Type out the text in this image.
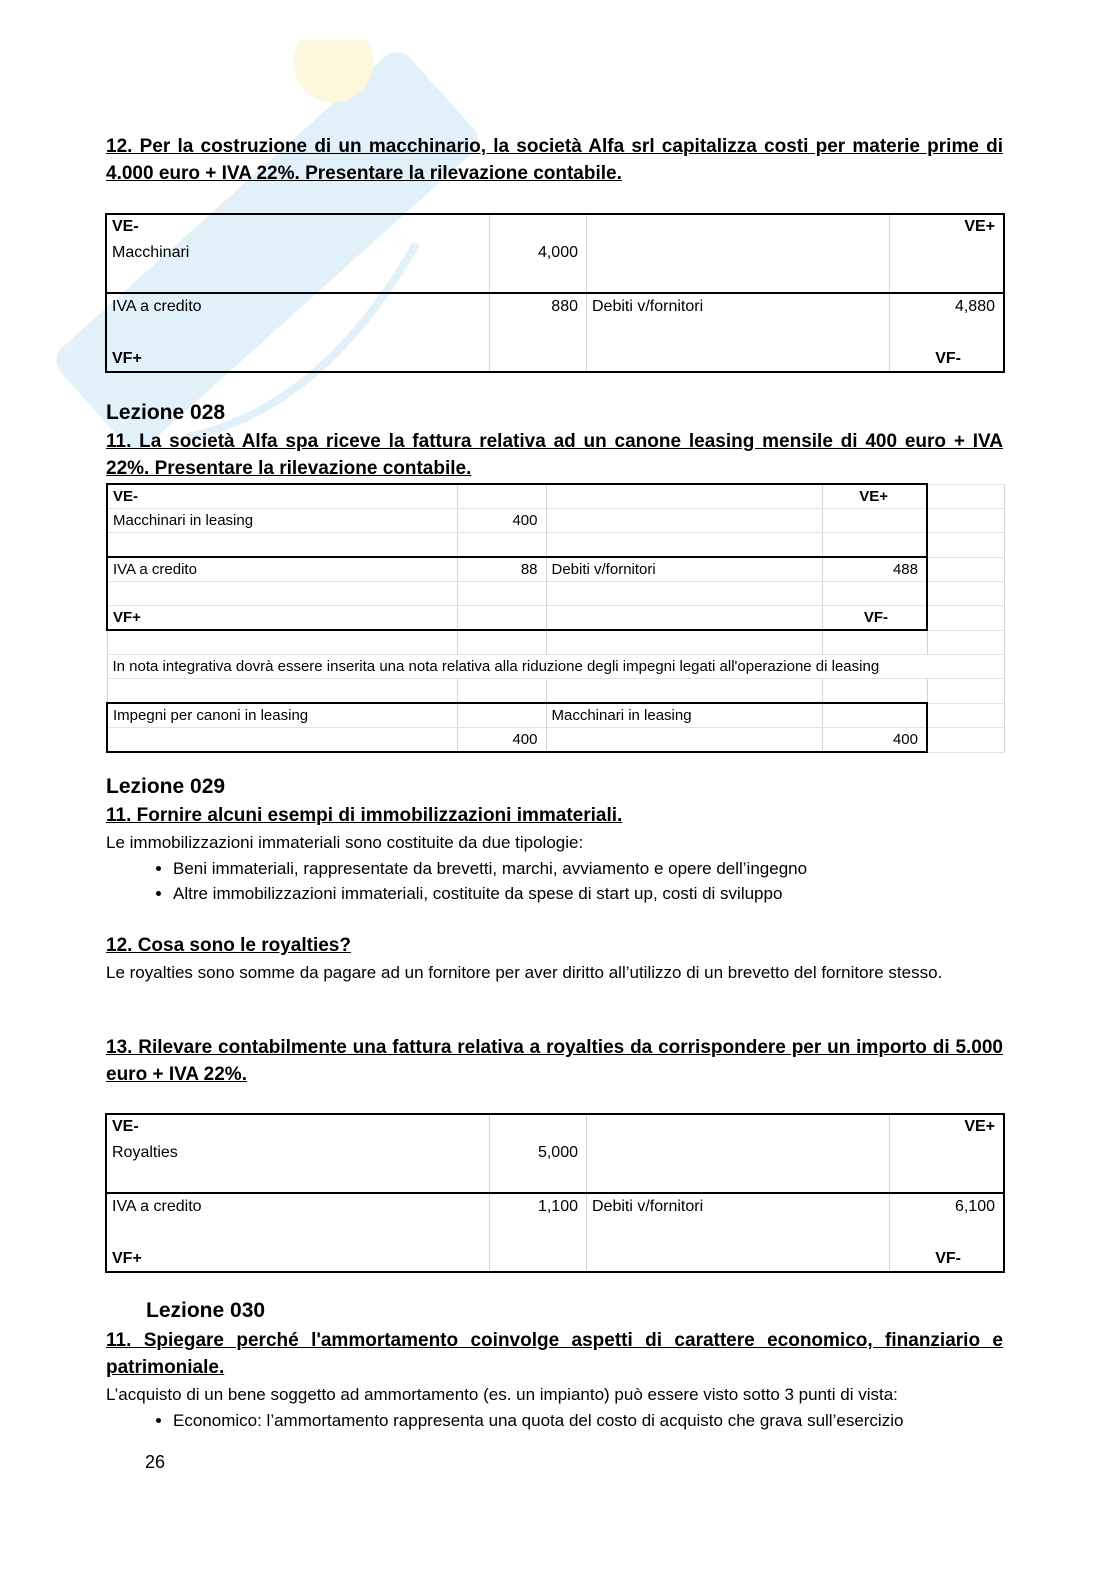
12. Per la costruzione di un macchinario, la società Alfa srl capitalizza costi per materie prime di 4.000 euro + IVA 22%. Presentare la rilevazione contabile.

VE-			VE+
Macchinari	4,000		

IVA a credito	880	Debiti v/fornitori	4,880

VF+			VF-

Lezione 028

11. La società Alfa spa riceve la fattura relativa ad un canone leasing mensile di 400 euro + IVA 22%. Presentare la rilevazione contabile.

VE-			VE+	
Macchinari in leasing	400			

IVA a credito	88	Debiti v/fornitori	488	

VF+			VF-	

In nota integrativa dovrà essere inserita una nota relativa alla riduzione degli impegni legati all'operazione di leasing				

Impegni per canoni in leasing		Macchinari in leasing		
	400		400	

Lezione 029

11. Fornire alcuni esempi di immobilizzazioni immateriali.

Le immobilizzazioni immateriali sono costituite da due tipologie:

• Beni immateriali, rappresentate da brevetti, marchi, avviamento e opere dell’ingegno
• Altre immobilizzazioni immateriali, costituite da spese di start up, costi di sviluppo

12. Cosa sono le royalties?

Le royalties sono somme da pagare ad un fornitore per aver diritto all’utilizzo di un brevetto del fornitore stesso.

13. Rilevare contabilmente una fattura relativa a royalties da corrispondere per un importo di 5.000 euro + IVA 22%.

VE-			VE+
Royalties	5,000		

IVA a credito	1,100	Debiti v/fornitori	6,100

VF+			VF-

Lezione 030

11. Spiegare perché l'ammortamento coinvolge aspetti di carattere economico, finanziario e patrimoniale.

L’acquisto di un bene soggetto ad ammortamento (es. un impianto) può essere visto sotto 3 punti di vista:

• Economico: l’ammortamento rappresenta una quota del costo di acquisto che grava sull’esercizio
26
